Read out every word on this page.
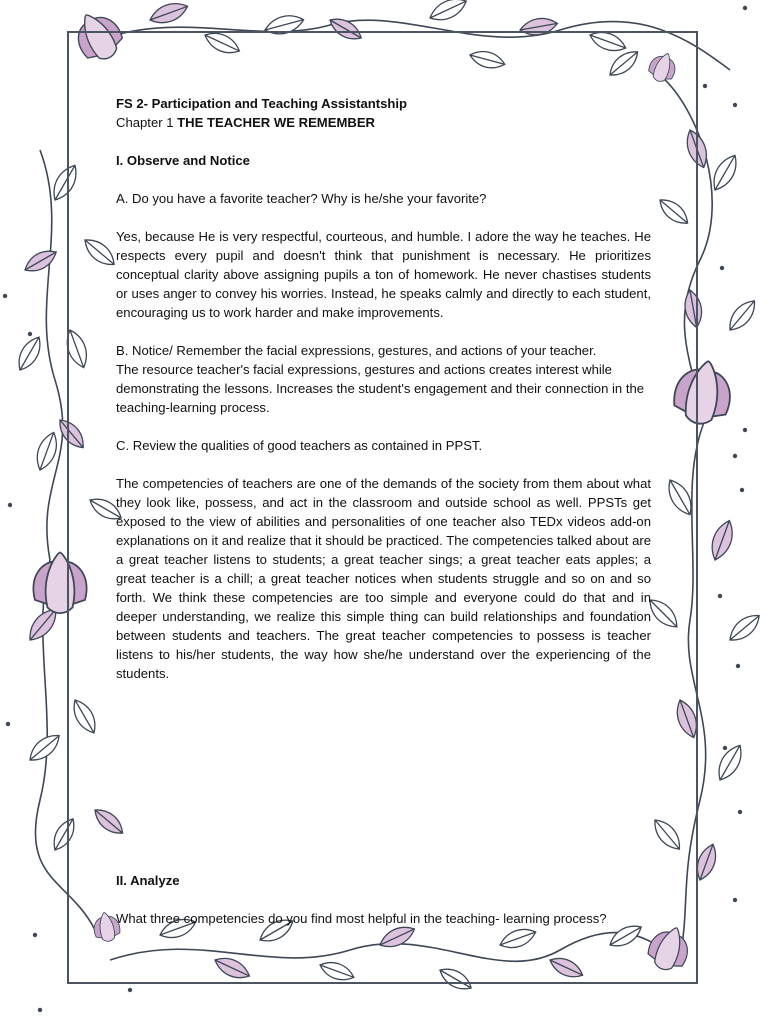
FS 2- Participation and Teaching Assistantship

Chapter 1 THE TEACHER WE REMEMBER

I. Observe and Notice

A. Do you have a favorite teacher? Why is he/she your favorite?

Yes, because He is very respectful, courteous, and humble. I adore the way he teaches. He respects every pupil and doesn't think that punishment is necessary. He prioritizes conceptual clarity above assigning pupils a ton of homework. He never chastises students or uses anger to convey his worries. Instead, he speaks calmly and directly to each student, encouraging us to work harder and make improvements.

B. Notice/ Remember the facial expressions, gestures, and actions of your teacher.

The resource teacher's facial expressions, gestures and actions creates interest while demonstrating the lessons. Increases the student's engagement and their connection in the teaching-learning process.

C. Review the qualities of good teachers as contained in PPST.

The competencies of teachers are one of the demands of the society from them about what they look like, possess, and act in the classroom and outside school as well. PPSTs get exposed to the view of abilities and personalities of one teacher also TEDx videos add-on explanations on it and realize that it should be practiced. The competencies talked about are a great teacher listens to students; a great teacher sings; a great teacher eats apples; a great teacher is a chill; a great teacher notices when students struggle and so on and so forth. We think these competencies are too simple and everyone could do that and in deeper understanding, we realize this simple thing can build relationships and foundation between students and teachers. The great teacher competencies to possess is teacher listens to his/her students, the way how she/he understand over the experiencing of the students.

II. Analyze

What three competencies do you find most helpful in the teaching- learning process?
